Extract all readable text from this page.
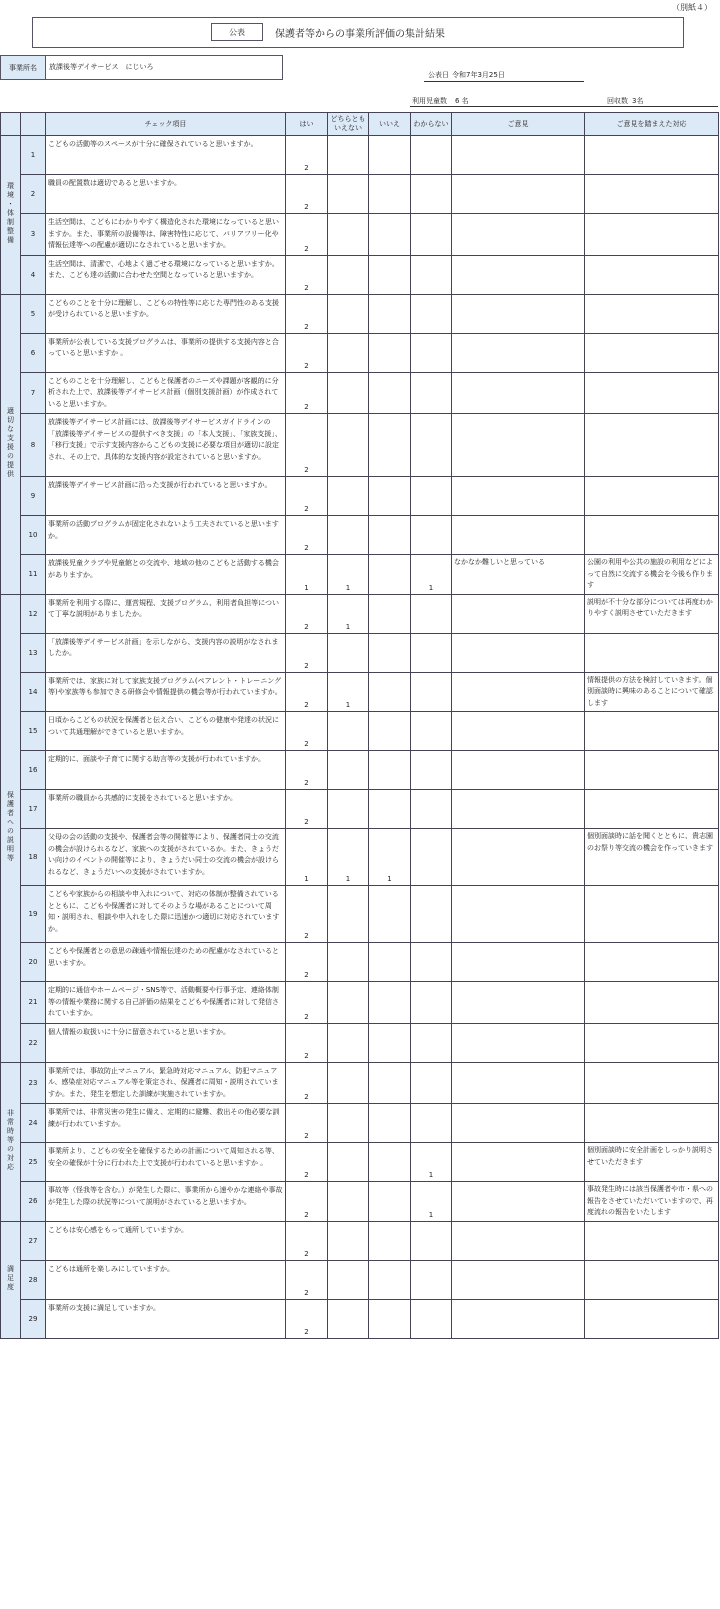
（別紙４）
公表	保護者等からの事業所評価の集計結果
事業所名	放課後等デイサービス　にじいろ
公表日 令和7年3月25日
利用児童数 6 名	回収数 3名
		チェック項目	はい	どちらとも
いえない	いいえ	わからない	ご意見	ご意見を踏まえた対応
環境・体制整備	1	こどもの活動等のスペースが十分に確保されていると思いますか。	2					
	2	職員の配置数は適切であると思いますか。	2					
	3	生活空間は、こどもにわかりやすく構造化された環境になっていると思いますか。また、事業所の設備等は、障害特性に応じて、バリアフリー化や情報伝達等への配慮が適切になされていると思いますか。	2					
	4	生活空間は、清潔で、心地よく過ごせる環境になっていると思いますか。また、こども達の活動に合わせた空間となっていると思いますか。	2					
適切な支援の提供	5	こどものことを十分に理解し、こどもの特性等に応じた専門性のある支援が受けられていると思いますか。	2					
	6	事業所が公表している支援プログラムは、事業所の提供する支援内容と合っていると思いますか 。	2					
	7	こどものことを十分理解し、こどもと保護者のニーズや課題が客観的に分析された上で、放課後等デイサービス計画（個別支援計画）が作成されていると思いますか。	2					
	8	放課後等デイサービス計画には、放課後等デイサービスガイドラインの「放課後等デイサービスの提供すべき支援」の「本人支援」、「家族支援」、「移行支援」で示す支援内容からこどもの支援に必要な項目が適切に設定され、その上で、具体的な支援内容が設定されていると思いますか。	2					
	9	放課後等デイサービス計画に沿った支援が行われていると思いますか。	2					
	10	事業所の活動プログラムが固定化されないよう工夫されていると思いますか。	2					
	11	放課後児童クラブや児童館との交流や、地域の他のこどもと活動する機会がありますか。	1	1		1	なかなか難しいと思っている	公園の利用や公共の施設の利用などによって自然に交流する機会を今後も作ります
保護者への説明等	12	事業所を利用する際に、運営規程、支援プログラム、利用者負担等について丁寧な説明がありましたか。	2	1				説明が不十分な部分については再度わかりやすく説明させていただきます
	13	「放課後等デイサービス計画」を示しながら、支援内容の説明がなされましたか。	2					
	14	事業所では、家族に対して家族支援プログラム(ペアレント・トレーニング等)や家族等も参加できる研修会や情報提供の機会等が行われていますか。	2	1				情報提供の方法を検討していきます。個別面談時に興味のあることについて確認します
	15	日頃からこどもの状況を保護者と伝え合い、こどもの健康や発達の状況について共通理解ができていると思いますか。	2					
	16	定期的に、面談や子育てに関する助言等の支援が行われていますか。	2					
	17	事業所の職員から共感的に支援をされていると思いますか。	2					
	18	父母の会の活動の支援や、保護者会等の開催等により、保護者同士の交流の機会が設けられるなど、家族への支援がされているか。また、きょうだい向けのイベントの開催等により、きょうだい同士の交流の機会が設けられるなど、きょうだいへの支援がされていますか。	1	1	1			個別面談時に話を聞くとともに、貴志園のお祭り等交流の機会を作っていきます
	19	こどもや家族からの相談や申入れについて、対応の体制が整備されているとともに、こどもや保護者に対してそのような場があることについて周知・説明され、相談や申入れをした際に迅速かつ適切に対応されていますか。	2					
	20	こどもや保護者との意思の疎通や情報伝達のための配慮がなされていると思いますか。	2					
	21	定期的に通信やホームページ・SNS等で、活動概要や行事予定、連絡体制等の情報や業務に関する自己評価の結果をこどもや保護者に対して発信されていますか。	2					
	22	個人情報の取扱いに十分に留意されていると思いますか。	2					
非常時等の対応	23	事業所では、事故防止マニュアル、緊急時対応マニュアル、防犯マニュアル、感染症対応マニュアル等を策定され、保護者に周知・説明されていますか。また、発生を想定した訓練が実施されていますか。	2					
	24	事業所では、非常災害の発生に備え、定期的に避難、救出その他必要な訓練が行われていますか。	2					
	25	事業所より、こどもの安全を確保するための計画について周知される等、安全の確保が十分に行われた上で支援が行われていると思いますか 。	2			1		個別面談時に安全計画をしっかり説明させていただきます
	26	事故等（怪我等を含む。）が発生した際に、事業所から速やかな連絡や事故が発生した際の状況等について説明がされていると思いますか。	2			1		事故発生時には該当保護者や市・県への報告をさせていただいていますので、再度流れの報告をいたします
満足度	27	こどもは安心感をもって通所していますか。	2					
	28	こどもは通所を楽しみにしていますか。	2					
	29	事業所の支援に満足していますか。	2					
